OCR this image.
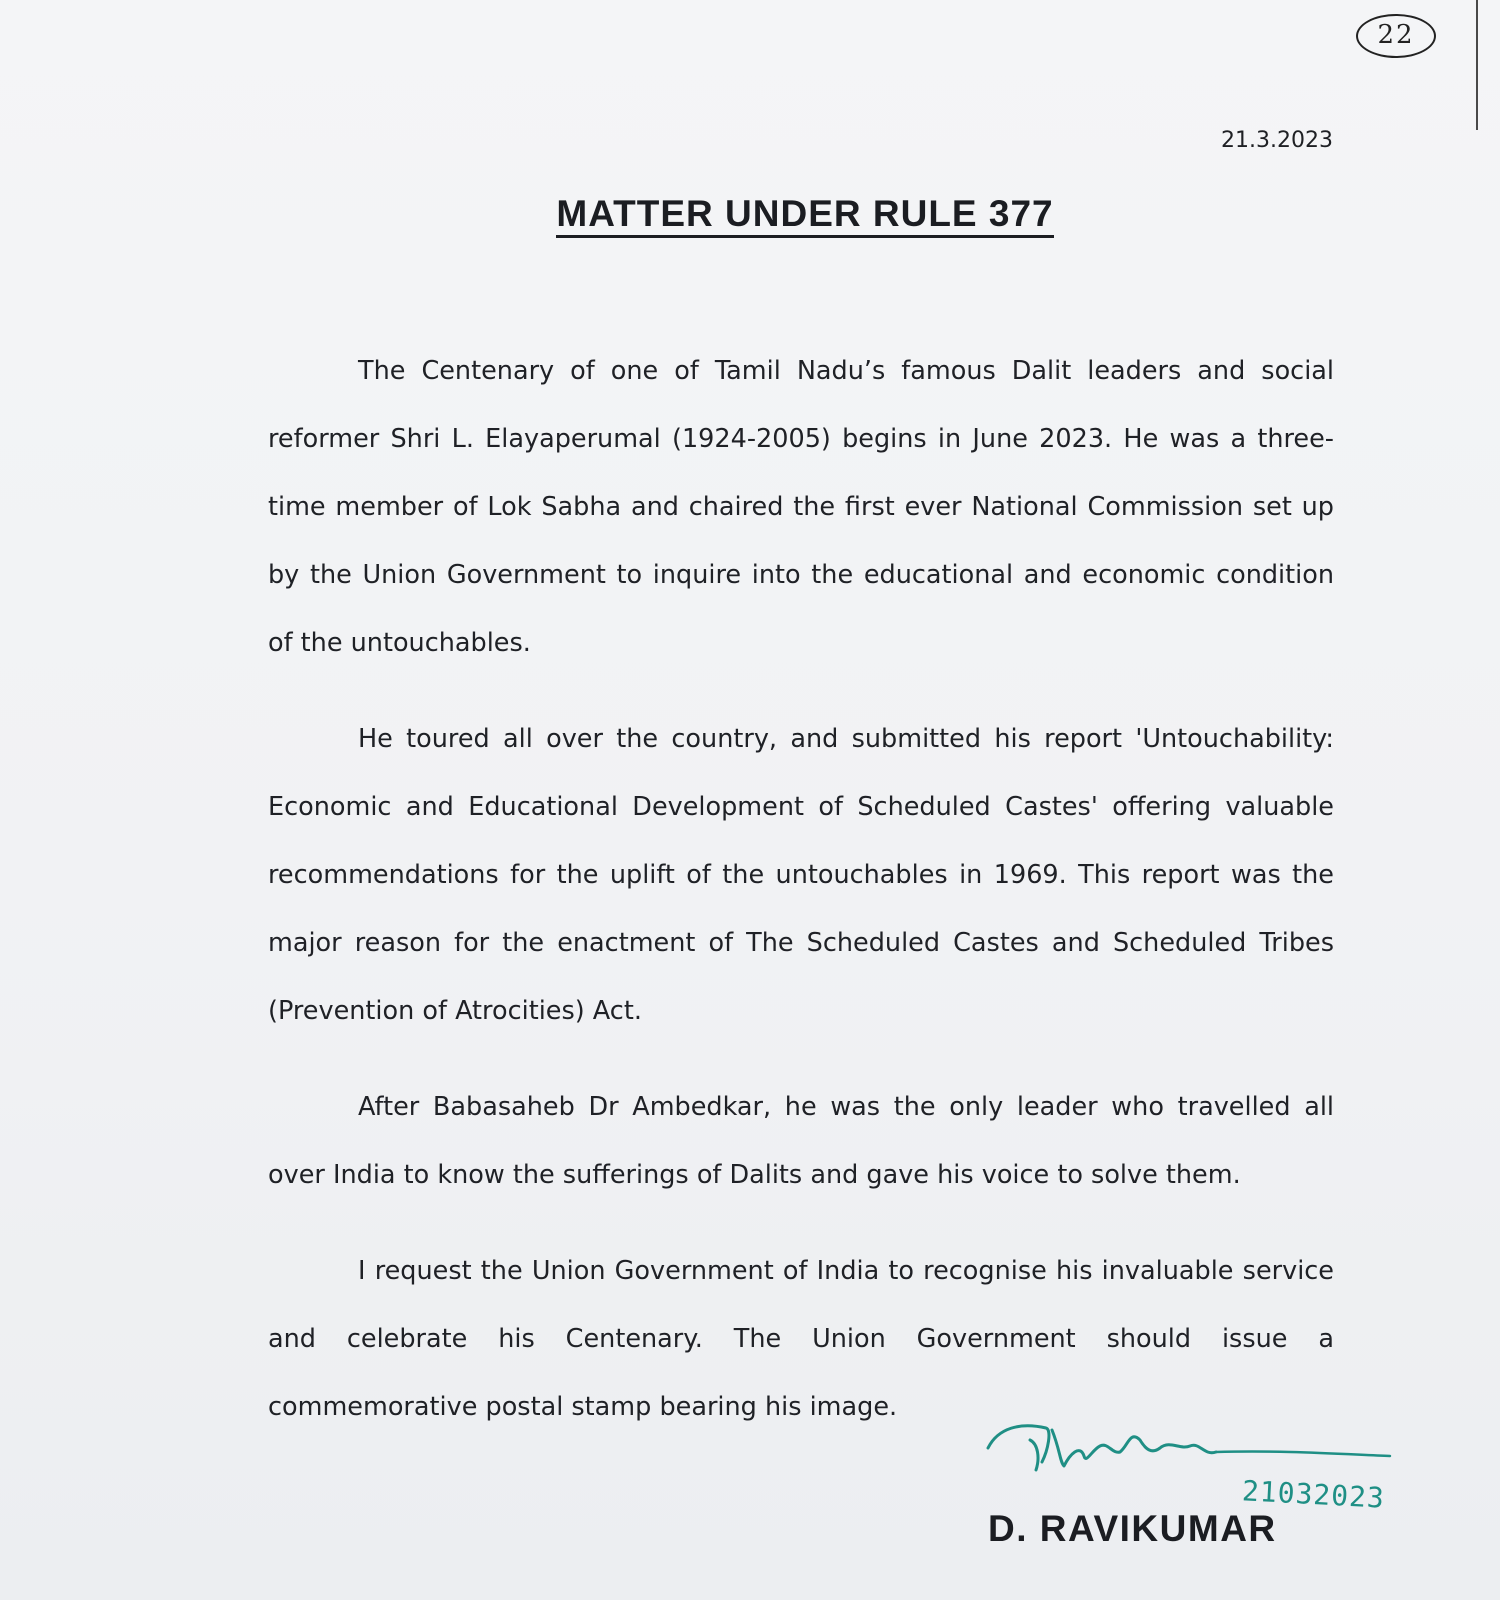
22
21.3.2023
MATTER UNDER RULE 377

The Centenary of one of Tamil Nadu’s famous Dalit leaders and social reformer Shri L. Elayaperumal (1924-2005) begins in June 2023. He was a three-time member of Lok Sabha and chaired the first ever National Commission set up by the Union Government to inquire into the educational and economic condition of the untouchables.

He toured all over the country, and submitted his report 'Untouchability: Economic and Educational Development of Scheduled Castes' offering valuable recommendations for the uplift of the untouchables in 1969. This report was the major reason for the enactment of The Scheduled Castes and Scheduled Tribes (Prevention of Atrocities) Act.

After Babasaheb Dr Ambedkar, he was the only leader who travelled all over India to know the sufferings of Dalits and gave his voice to solve them.

I request the Union Government of India to recognise his invaluable service and celebrate his Centenary. The Union Government should issue a commemorative postal stamp bearing his image.

21032023
D. RAVIKUMAR
